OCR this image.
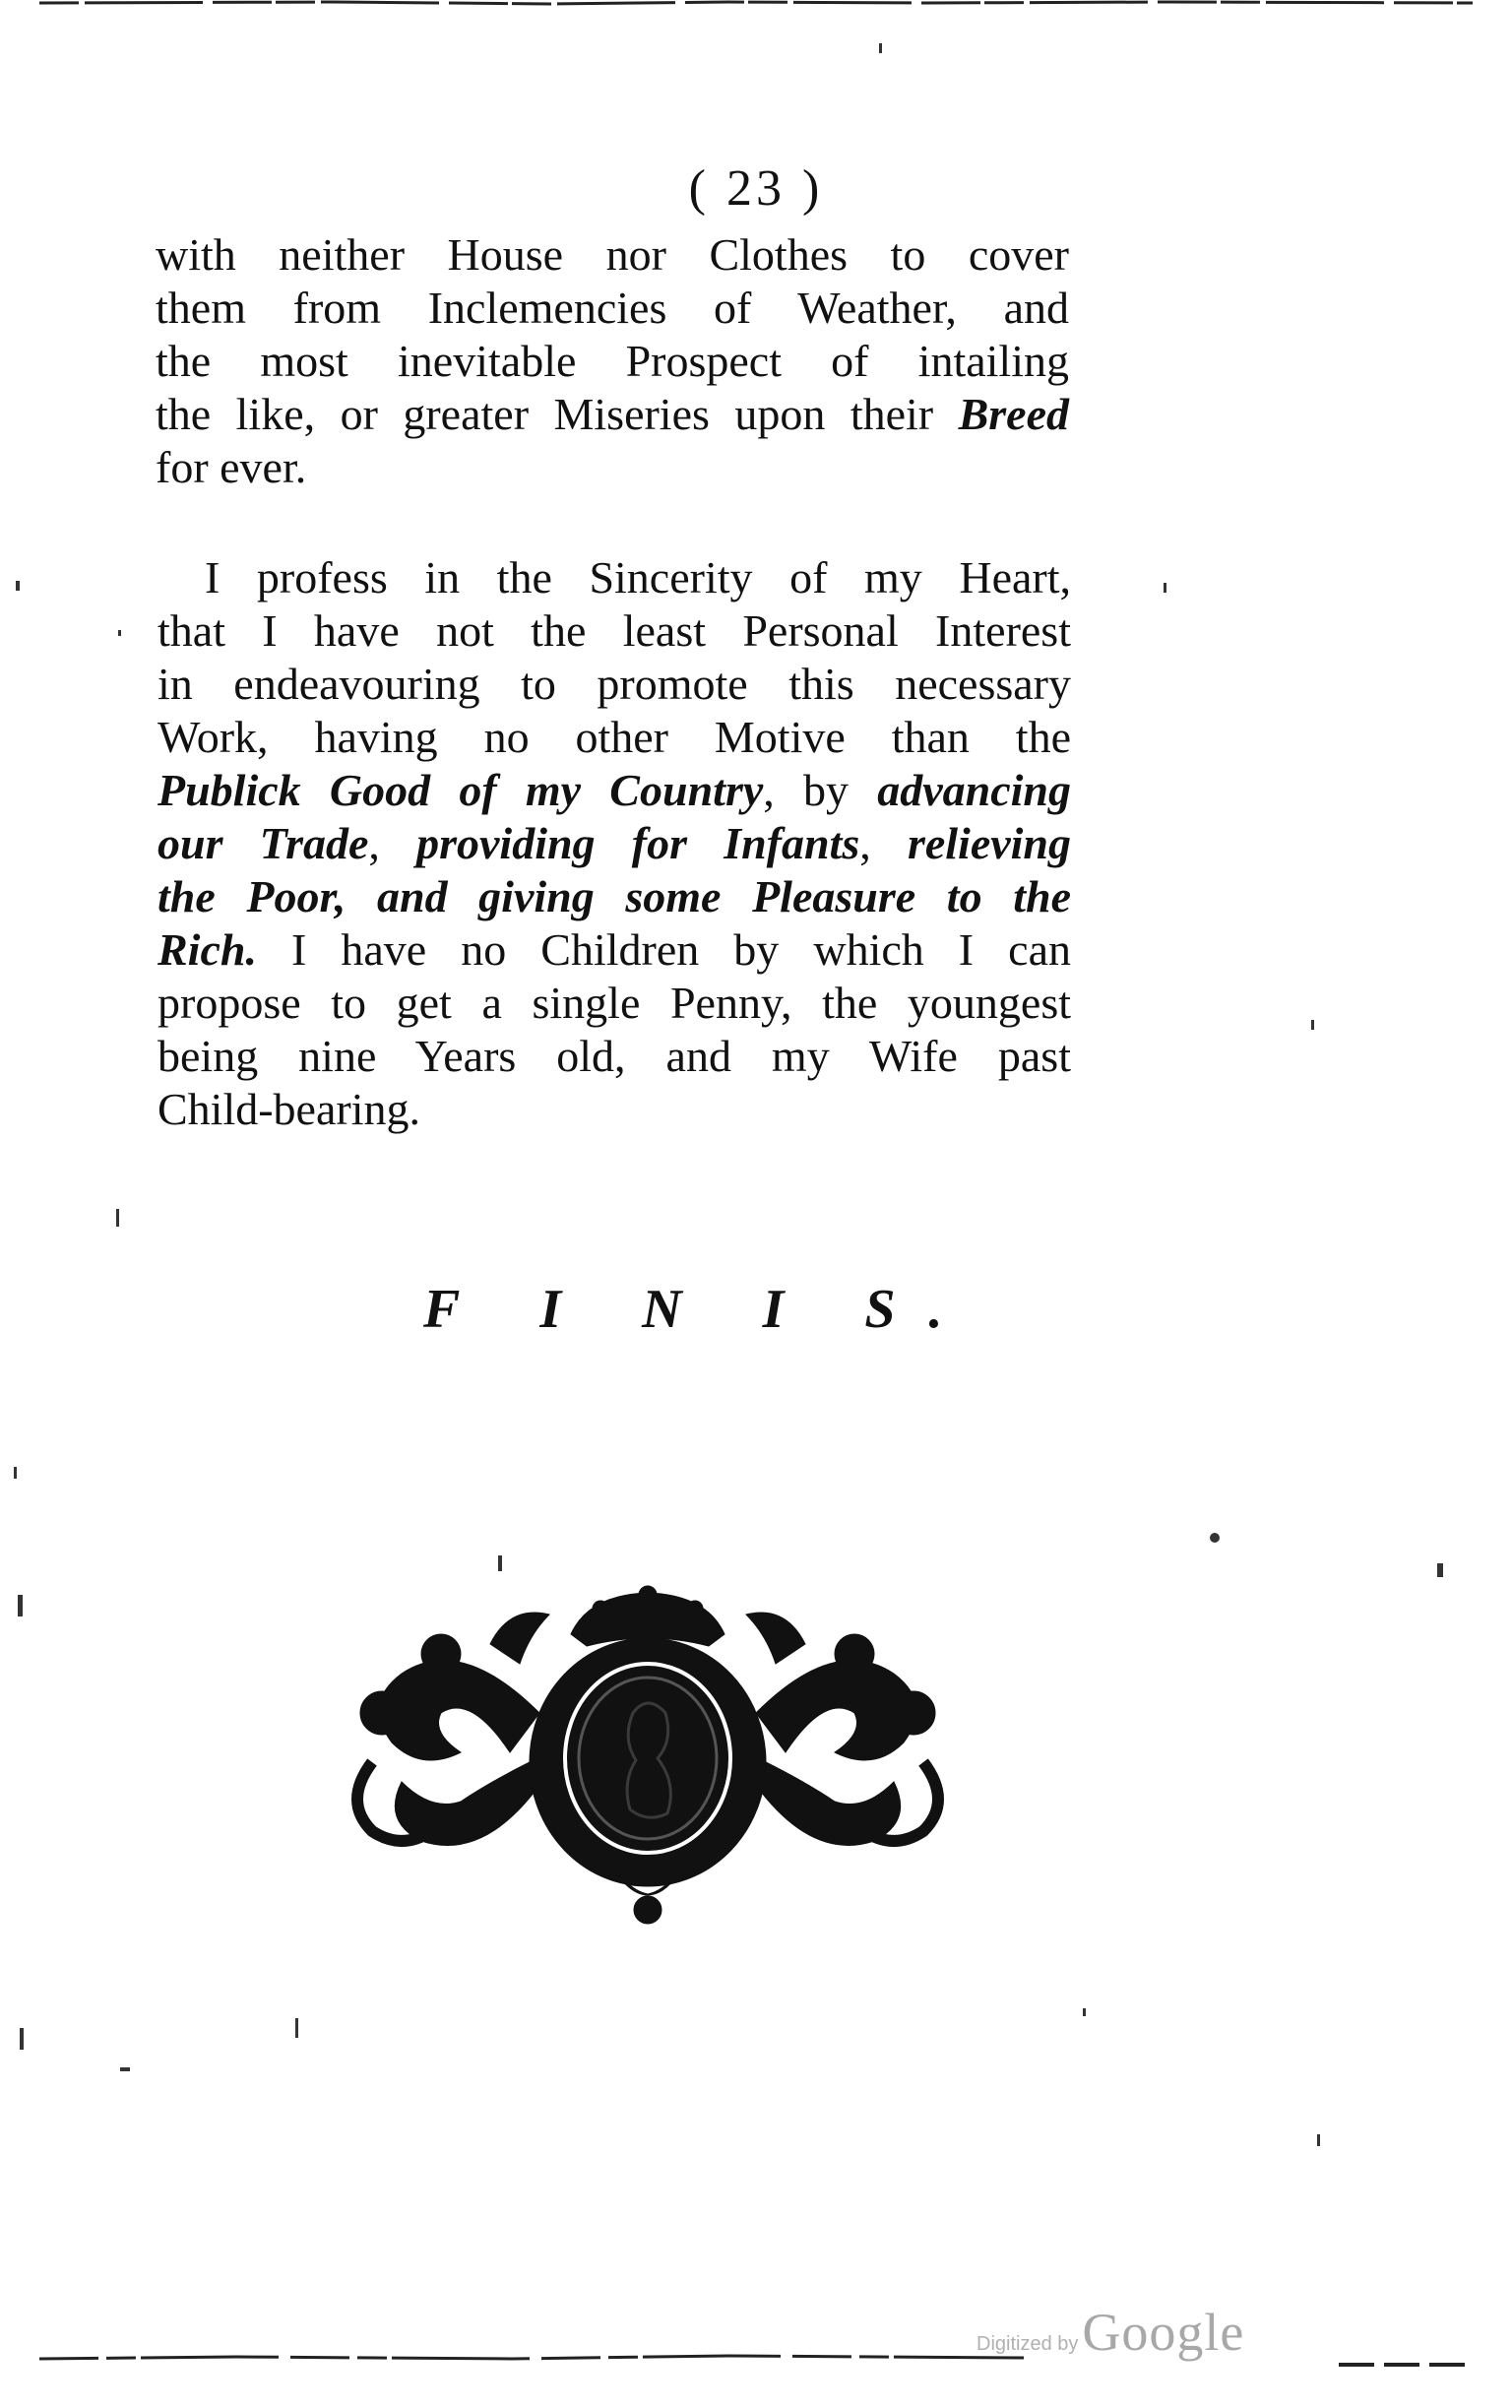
( 23 )
with neither House nor Clothes to cover
them from Inclemencies of Weather, and
the most inevitable Prospect of intailing
the like, or greater Miseries upon their Breed
for ever.
I profess in the Sincerity of my Heart,
that I have not the least Personal Interest
in endeavouring to promote this necessary
Work, having no other Motive than the
Publick Good of my Country, by advancing
our Trade, providing for Infants, relieving
the Poor, and giving some Pleasure to the
Rich. I have no Children by which I can
propose to get a single Penny, the youngest
being nine Years old, and my Wife past
Child-bearing.
F I N I S.
Digitized by Google
